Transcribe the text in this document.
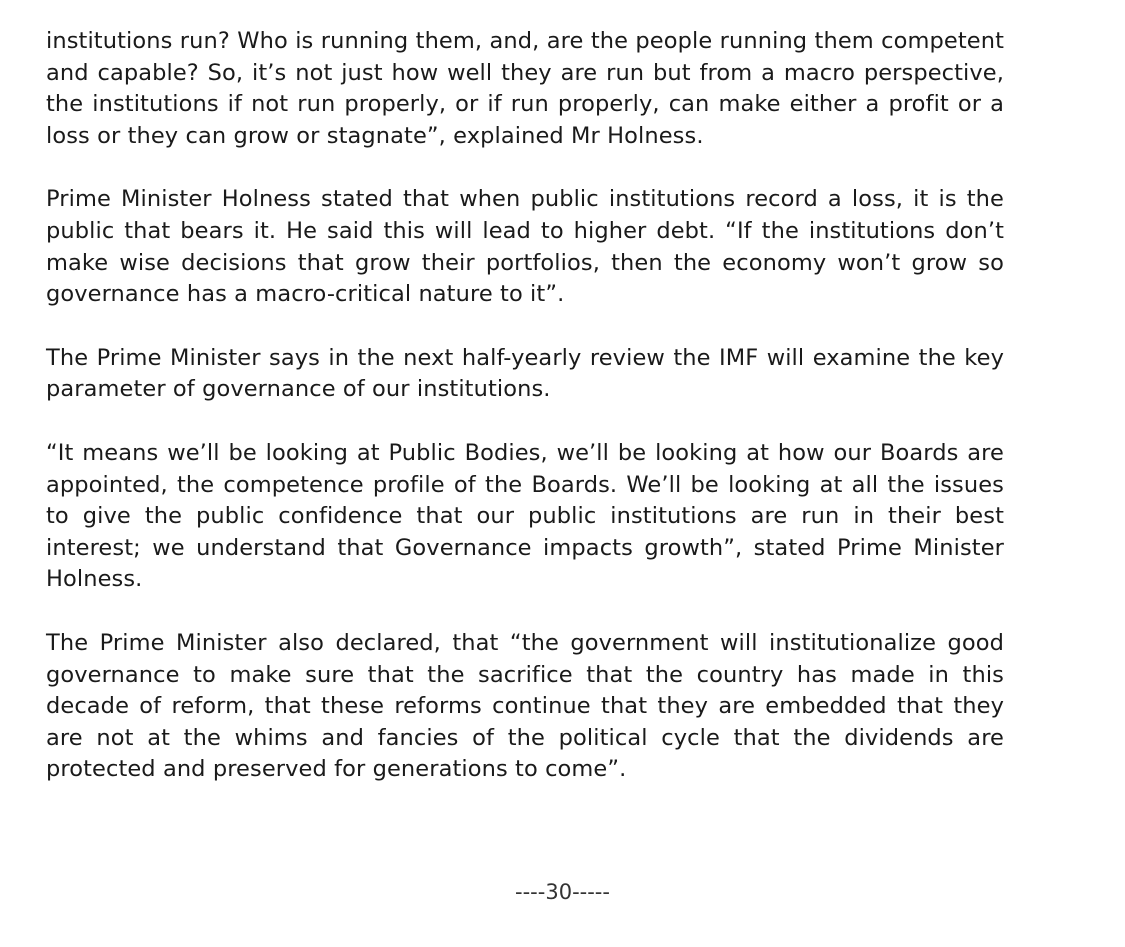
institutions run? Who is running them, and, are the people running them competent and capable? So, it’s not just how well they are run but from a macro perspective, the institutions if not run properly, or if run properly, can make either a profit or a loss or they can grow or stagnate”, explained Mr Holness.

Prime Minister Holness stated that when public institutions record a loss, it is the public that bears it. He said this will lead to higher debt. “If the institutions don’t make wise decisions that grow their portfolios, then the economy won’t grow so governance has a macro-critical nature to it”.

The Prime Minister says in the next half-yearly review the IMF will examine the key parameter of governance of our institutions.

“It means we’ll be looking at Public Bodies, we’ll be looking at how our Boards are appointed, the competence profile of the Boards. We’ll be looking at all the issues to give the public confidence that our public institutions are run in their best interest; we understand that Governance impacts growth”, stated Prime Minister Holness.

The Prime Minister also declared, that “the government will institutionalize good governance to make sure that the sacrifice that the country has made in this decade of reform, that these reforms continue that they are embedded that they are not at the whims and fancies of the political cycle that the dividends are protected and preserved for generations to come”.

----30-----
